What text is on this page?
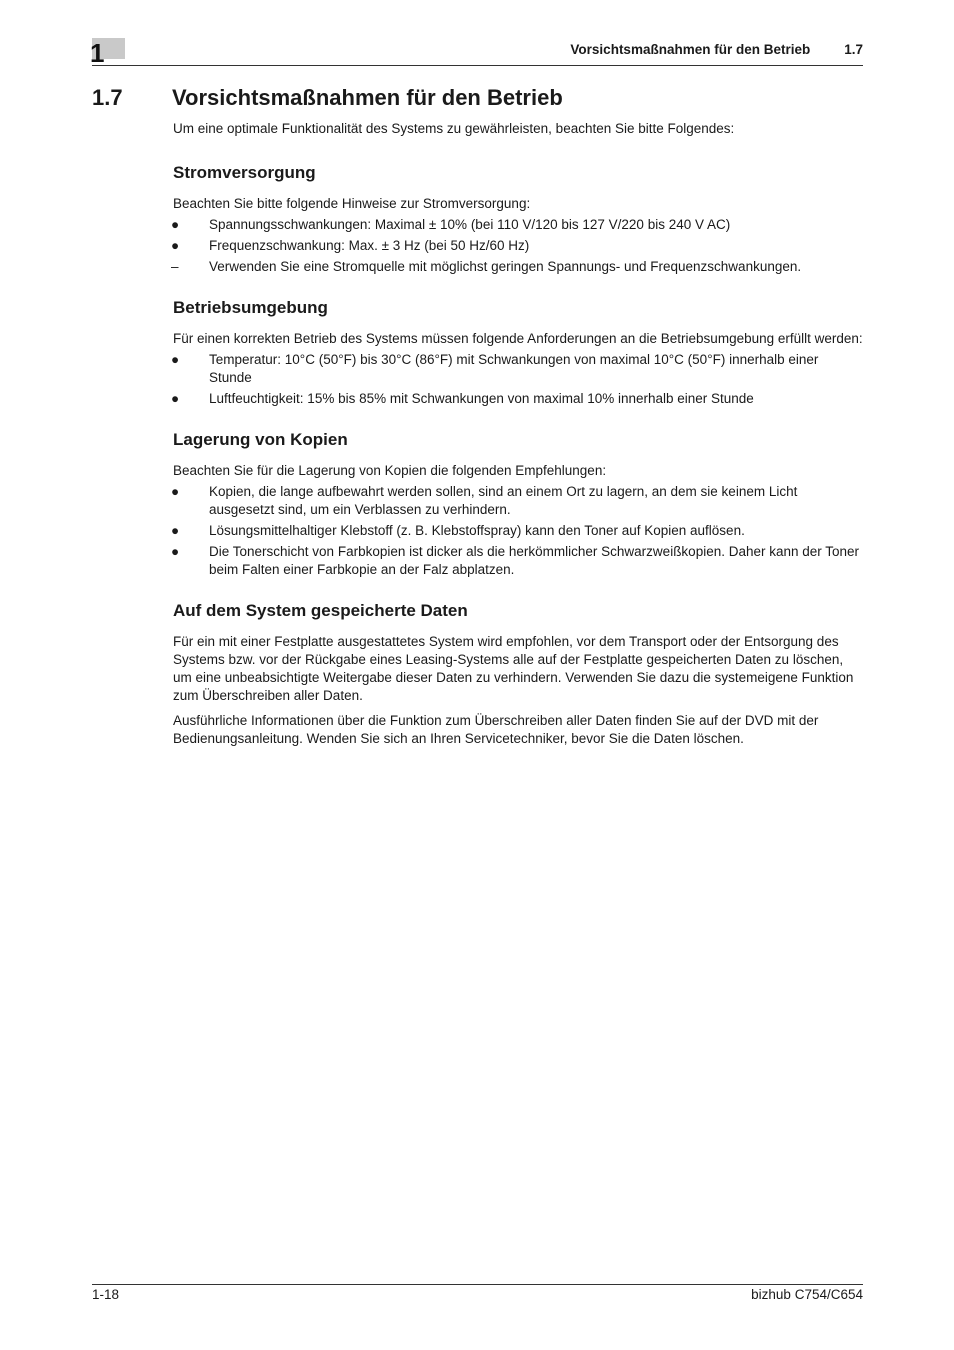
1	Vorsichtsmaßnahmen für den Betrieb	1.7
1.7	Vorsichtsmaßnahmen für den Betrieb

Um eine optimale Funktionalität des Systems zu gewährleisten, beachten Sie bitte Folgendes:

Stromversorgung

Beachten Sie bitte folgende Hinweise zur Stromversorgung:

●	Spannungsschwankungen: Maximal ± 10% (bei 110 V/120 bis 127 V/220 bis 240 V AC)
●	Frequenzschwankung: Max. ± 3 Hz (bei 50 Hz/60 Hz)
–	Verwenden Sie eine Stromquelle mit möglichst geringen Spannungs- und Frequenzschwankungen.
Betriebsumgebung

Für einen korrekten Betrieb des Systems müssen folgende Anforderungen an die Betriebsumgebung erfüllt werden:

●	Temperatur: 10°C (50°F) bis 30°C (86°F) mit Schwankungen von maximal 10°C (50°F) innerhalb einer Stunde
●	Luftfeuchtigkeit: 15% bis 85% mit Schwankungen von maximal 10% innerhalb einer Stunde
Lagerung von Kopien

Beachten Sie für die Lagerung von Kopien die folgenden Empfehlungen:

●	Kopien, die lange aufbewahrt werden sollen, sind an einem Ort zu lagern, an dem sie keinem Licht ausgesetzt sind, um ein Verblassen zu verhindern.
●	Lösungsmittelhaltiger Klebstoff (z. B. Klebstoffspray) kann den Toner auf Kopien auflösen.
●	Die Tonerschicht von Farbkopien ist dicker als die herkömmlicher Schwarzweißkopien. Daher kann der Toner beim Falten einer Farbkopie an der Falz abplatzen.
Auf dem System gespeicherte Daten

Für ein mit einer Festplatte ausgestattetes System wird empfohlen, vor dem Transport oder der Entsorgung des Systems bzw. vor der Rückgabe eines Leasing-Systems alle auf der Festplatte gespeicherten Daten zu löschen, um eine unbeabsichtigte Weitergabe dieser Daten zu verhindern. Verwenden Sie dazu die systemeigene Funktion zum Überschreiben aller Daten.

Ausführliche Informationen über die Funktion zum Überschreiben aller Daten finden Sie auf der DVD mit der Bedienungsanleitung. Wenden Sie sich an Ihren Servicetechniker, bevor Sie die Daten löschen.

1-18	bizhub C754/C654
